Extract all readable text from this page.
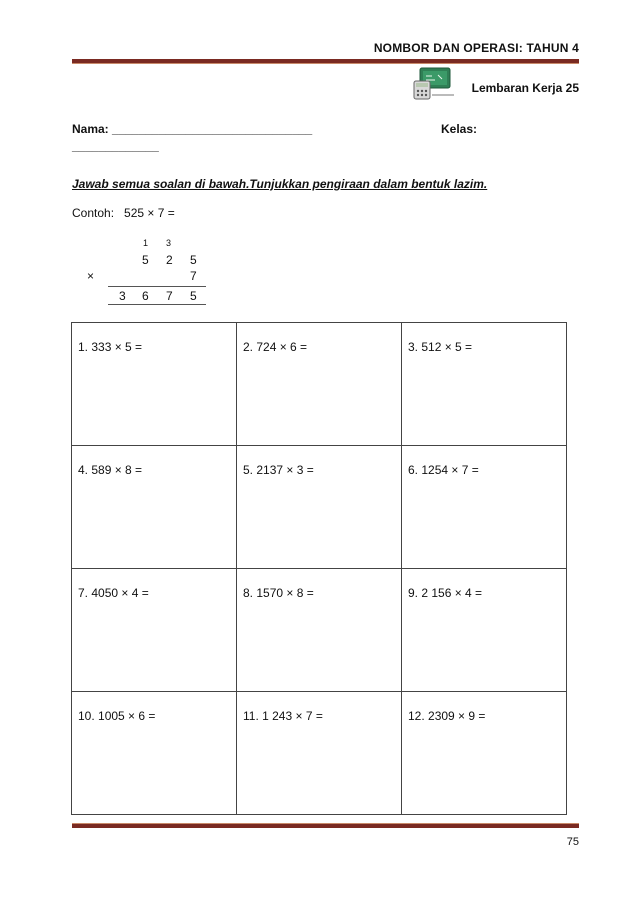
NOMBOR DAN OPERASI: TAHUN 4
Lembaran Kerja 25
Nama: ______________________________	Kelas:
_____________
Jawab semua soalan di bawah.Tunjukkan pengiraan dalam bentuk lazim.
Contoh: 525 × 7 =
1 3
5 2 5
×	7
3 6 7 5
1. 333 × 5 =	2. 724 × 6 =	3. 512 × 5 =
4. 589 × 8 =	5. 2137 × 3 =	6. 1254 × 7 =
7. 4050 × 4 =	8. 1570 × 8 =	9. 2 156 × 4 =
10. 1005 × 6 =	11. 1 243 × 7 =	12. 2309 × 9 =
75
